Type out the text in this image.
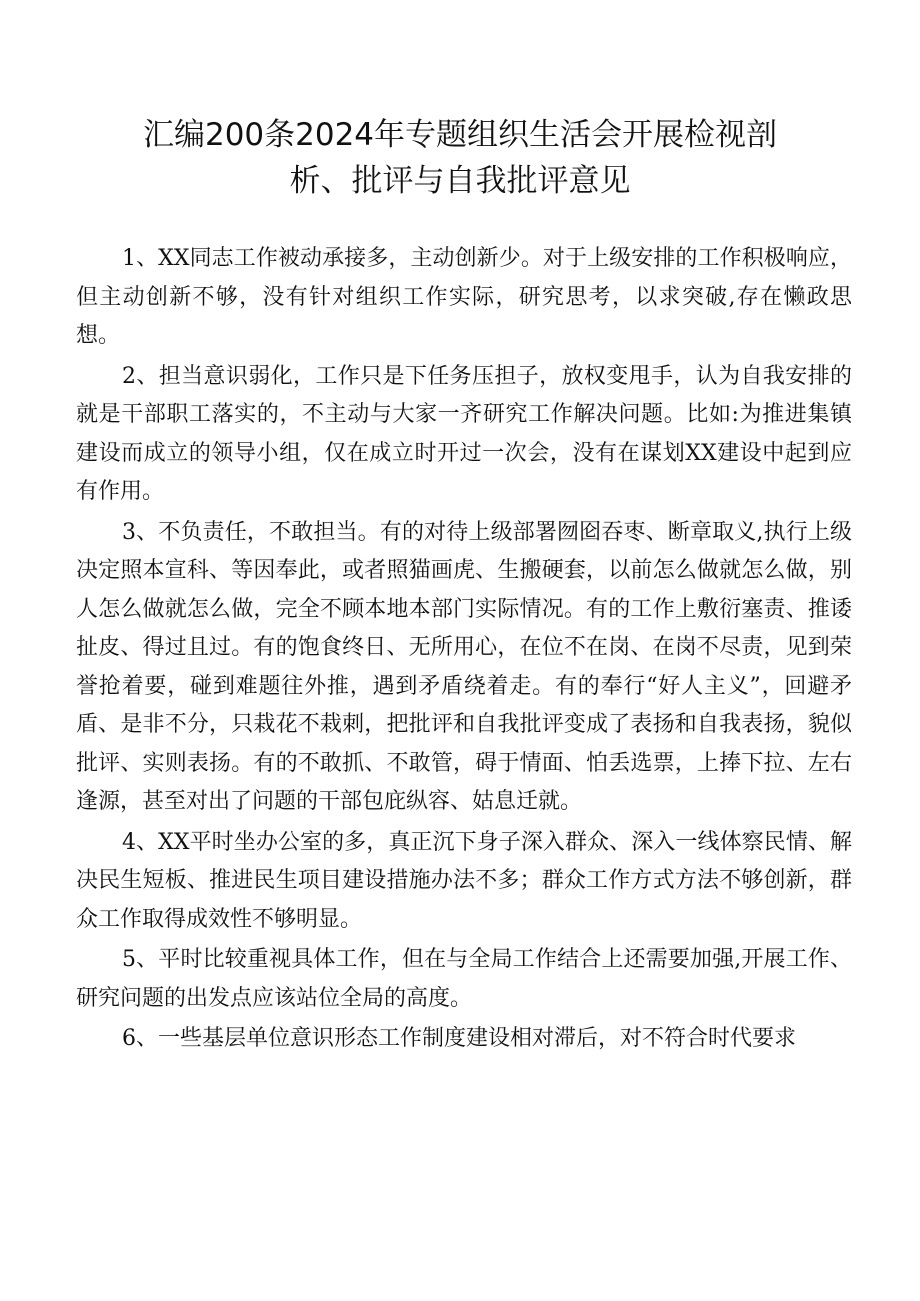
汇编200条2024年专题组织生活会开展检视剖
析、批评与自我批评意见

1、XX同志工作被动承接多，主动创新少。对于上级安排的工作积极响应，但主动创新不够，没有针对组织工作实际，研究思考，以求突破,存在懒政思想。

2、担当意识弱化，工作只是下任务压担子，放权变甩手，认为自我安排的就是干部职工落实的，不主动与大家一齐研究工作解决问题。比如:为推进集镇建设而成立的领导小组，仅在成立时开过一次会，没有在谋划XX建设中起到应有作用。

3、不负责任，不敢担当。有的对待上级部署囫囵吞枣、断章取义,执行上级决定照本宣科、等因奉此，或者照猫画虎、生搬硬套，以前怎么做就怎么做，别人怎么做就怎么做，完全不顾本地本部门实际情况。有的工作上敷衍塞责、推诿扯皮、得过且过。有的饱食终日、无所用心，在位不在岗、在岗不尽责，见到荣誉抢着要，碰到难题往外推，遇到矛盾绕着走。有的奉行“好人主义”，回避矛盾、是非不分，只栽花不栽刺，把批评和自我批评变成了表扬和自我表扬，貌似批评、实则表扬。有的不敢抓、不敢管，碍于情面、怕丢选票，上捧下拉、左右逢源，甚至对出了问题的干部包庇纵容、姑息迁就。

4、XX平时坐办公室的多，真正沉下身子深入群众、深入一线体察民情、解决民生短板、推进民生项目建设措施办法不多；群众工作方式方法不够创新，群众工作取得成效性不够明显。

5、平时比较重视具体工作，但在与全局工作结合上还需要加强,开展工作、研究问题的出发点应该站位全局的高度。

6、一些基层单位意识形态工作制度建设相对滞后，对不符合时代要求
